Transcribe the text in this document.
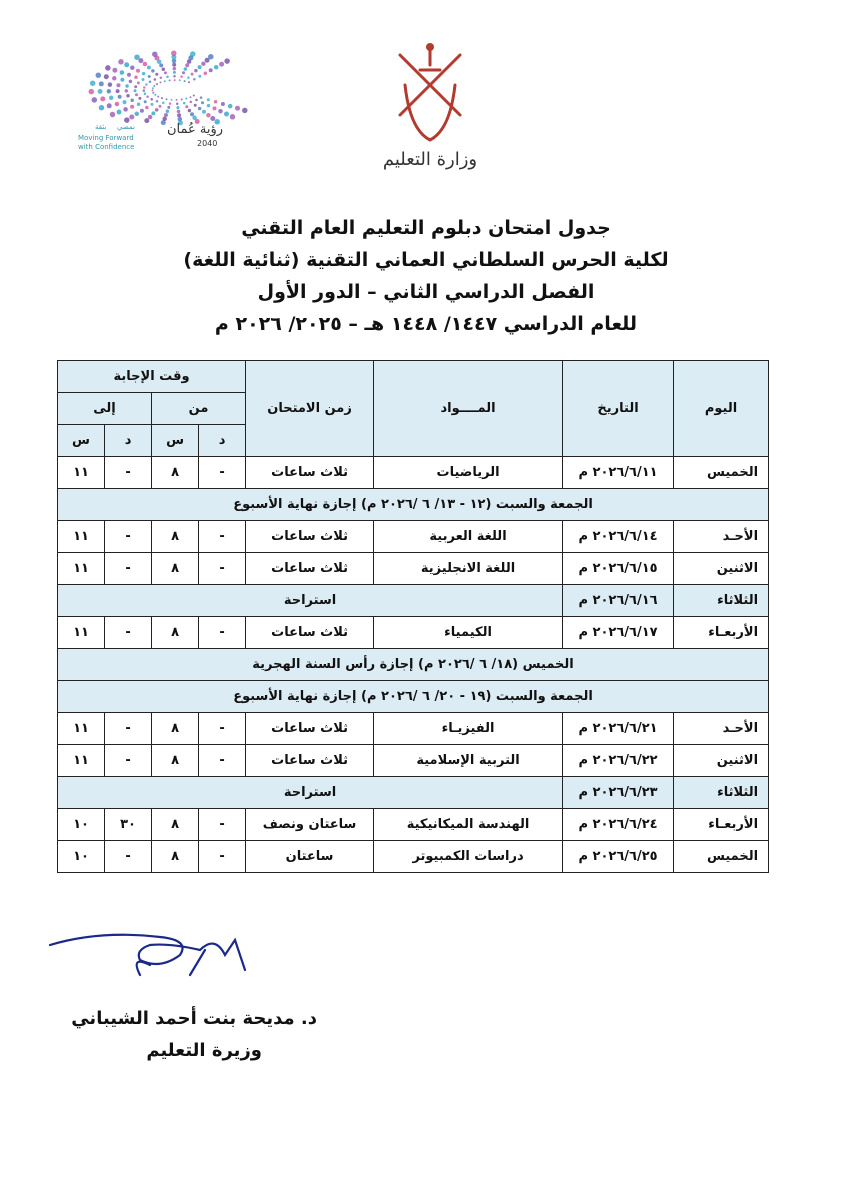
رؤية عُمان
2040
بثقة نمضي
Moving Forward
with Confidence
وزارة التعليم
جدول امتحان دبلوم التعليم العام التقني
لكلية الحرس السلطاني العماني التقنية (ثنائية اللغة)
الفصل الدراسي الثاني – الدور الأول
للعام الدراسي ١٤٤٧/ ١٤٤٨ هـ – ٢٠٢٥/ ٢٠٢٦ م
اليوم	التاريخ	المــــواد	زمن الامتحان	وقت الإجابة			
				من		إلى	
				د	س	د	س
الخميس	٢٠٢٦/٦/١١ م	الرياضيات	ثلاث ساعات	-	٨	-	١١
الجمعة والسبت (١٢ - ١٣/ ٦ /٢٠٢٦ م) إجازة نهاية الأسبوع							
الأحـد	٢٠٢٦/٦/١٤ م	اللغة العربية	ثلاث ساعات	-	٨	-	١١
الاثنين	٢٠٢٦/٦/١٥ م	اللغة الانجليزية	ثلاث ساعات	-	٨	-	١١
الثلاثاء	٢٠٢٦/٦/١٦ م	استراحة					
الأربعـاء	٢٠٢٦/٦/١٧ م	الكيمياء	ثلاث ساعات	-	٨	-	١١
الخميس (١٨/ ٦ /٢٠٢٦ م) إجازة رأس السنة الهجرية							
الجمعة والسبت (١٩ - ٢٠/ ٦ /٢٠٢٦ م) إجازة نهاية الأسبوع							
الأحـد	٢٠٢٦/٦/٢١ م	الفيزيـاء	ثلاث ساعات	-	٨	-	١١
الاثنين	٢٠٢٦/٦/٢٢ م	التربية الإسلامية	ثلاث ساعات	-	٨	-	١١
الثلاثاء	٢٠٢٦/٦/٢٣ م	استراحة					
الأربعـاء	٢٠٢٦/٦/٢٤ م	الهندسة الميكانيكية	ساعتان ونصف	-	٨	٣٠	١٠
الخميس	٢٠٢٦/٦/٢٥ م	دراسات الكمبيوتر	ساعتان	-	٨	-	١٠
د. مديحة بنت أحمد الشيباني
وزيرة التعليم
